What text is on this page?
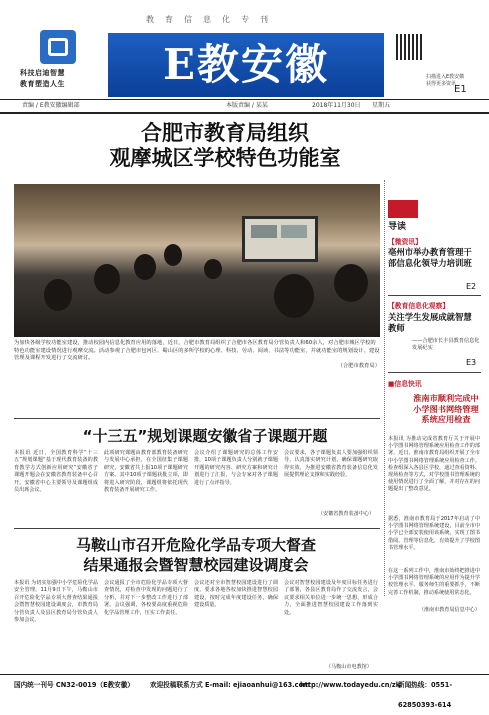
科技启迪智慧
教育塑造人生
教育信息化专刊
E教安徽	扫描进入E教安徽
获得更多资讯
E1
责编 / E教安徽编辑部	本版责编 / 某某	2018年11月30日 星期五
合肥市教育局组织
观摩城区学校特色功能室
为加快各级学校功能室建设，推动校园内信息化教育应用的落地，近日，合肥市教育局组织了合肥市各区教育局分管负责人和60余人，对合肥市城区学校的特色功能室建设情况进行观摩交流。活动参观了合肥市包河区、蜀山区的多所学校的心理、科技、劳动、阅读、书法等功能室，并就功能室的规划设计、建设管理及课程开发进行了交流研讨。
（合肥市教育局）
导读
【微资讯】
亳州市举办教育管理干部信息化领导力培训班
E2
【教育信息化观察】
关注学生发展成就智慧教师
——合肥市长丰县教育信息化发展纪实
E3
■信息快讯
淮南市顺利完成中小学图书网络管理系统应用检查
本报讯 为推动完成省教育厅关于开展中小学图书网络管理系统应用检查工作的部署，近日，淮南市教育局组织开展了全市中小学图书网络管理系统应用检查工作。检查组深入各县区学校，通过查看资料、现场检查等方式，对学校图书管理系统的使用情况进行了全面了解，并对存在的问题提出了整改意见。
据悉，淮南市教育局于2017年启动了中小学图书网络管理系统建设，目前全市中小学已全部安装使用该系统，实现了图书借阅、管理等信息化，有效提升了学校图书管理水平。
在这一系列工作中，淮南市始终把推进中小学图书网络管理系统的应用作为提升学校管理水平、服务师生的重要抓手，不断完善工作机制，推动系统使用常态化。
（淮南市教育局信息中心）
“十三五”规划课题安徽省子课题开题
本报讯 近日，全国教育科学“十三五”规划课题“基于现代教育装备的教育教学方式创新应用研究”安徽省子课题开题会在安徽省教育装备中心召开。安徽省中心主要领导及课题组成员出席会议。
此项研究课题由教育部教育装备研究与发展中心承担，在全国征集子课题研究，安徽省共上报10项子课题研究方案。其中10项子课题获批立项，即将进入研究阶段，课题组将依托现代教育装备开展研究工作。
会议介绍了课题研究的总体工作安排，10项子课题负责人分别就子课题开题的研究内容、研究方案和研究计划进行了汇报，与会专家对各子课题进行了点评指导。
会议要求，各子课题负责人要加强组织领导，认真落实研究计划，确保课题研究取得实效，为推进安徽省教育装备信息化发展提供理论支撑和实践经验。
（安徽省教育装备中心）
马鞍山市召开危险化学品专项大督查
结果通报会暨智慧校园建设调度会
本报讯 为切实加强中小学危险化学品安全管理，11月9日下午，马鞍山市召开危险化学品专项大督查结果通报会暨智慧校园建设调度会，市教育局分管负责人及县区教育局分管负责人参加会议。
会议通报了全市危险化学品专项大督查情况，对检查中发现的问题进行了分析，并对下一步整改工作进行了部署。会议强调，各校要高度重视危险化学品管理工作，压实工作责任。
会议还对全市智慧校园建设进行了调度，要求各地各校加快推进智慧校园建设，按时完成年度建设任务，确保建设质量。
会议对智慧校园建设及年度目标任务进行了部署，各县区教育局作了交流发言，会议要求相关单位进一步统一思想，形成合力，全面推进智慧校园建设工作落到实处。
（马鞍山市电教馆）
国内统一刊号 CN32-0019（E教安徽） 欢迎投稿联系方式 E-mail: ejiaoanhui@163.com
http://www.todayedu.cn/zk
新闻热线：0551-62850393-614
